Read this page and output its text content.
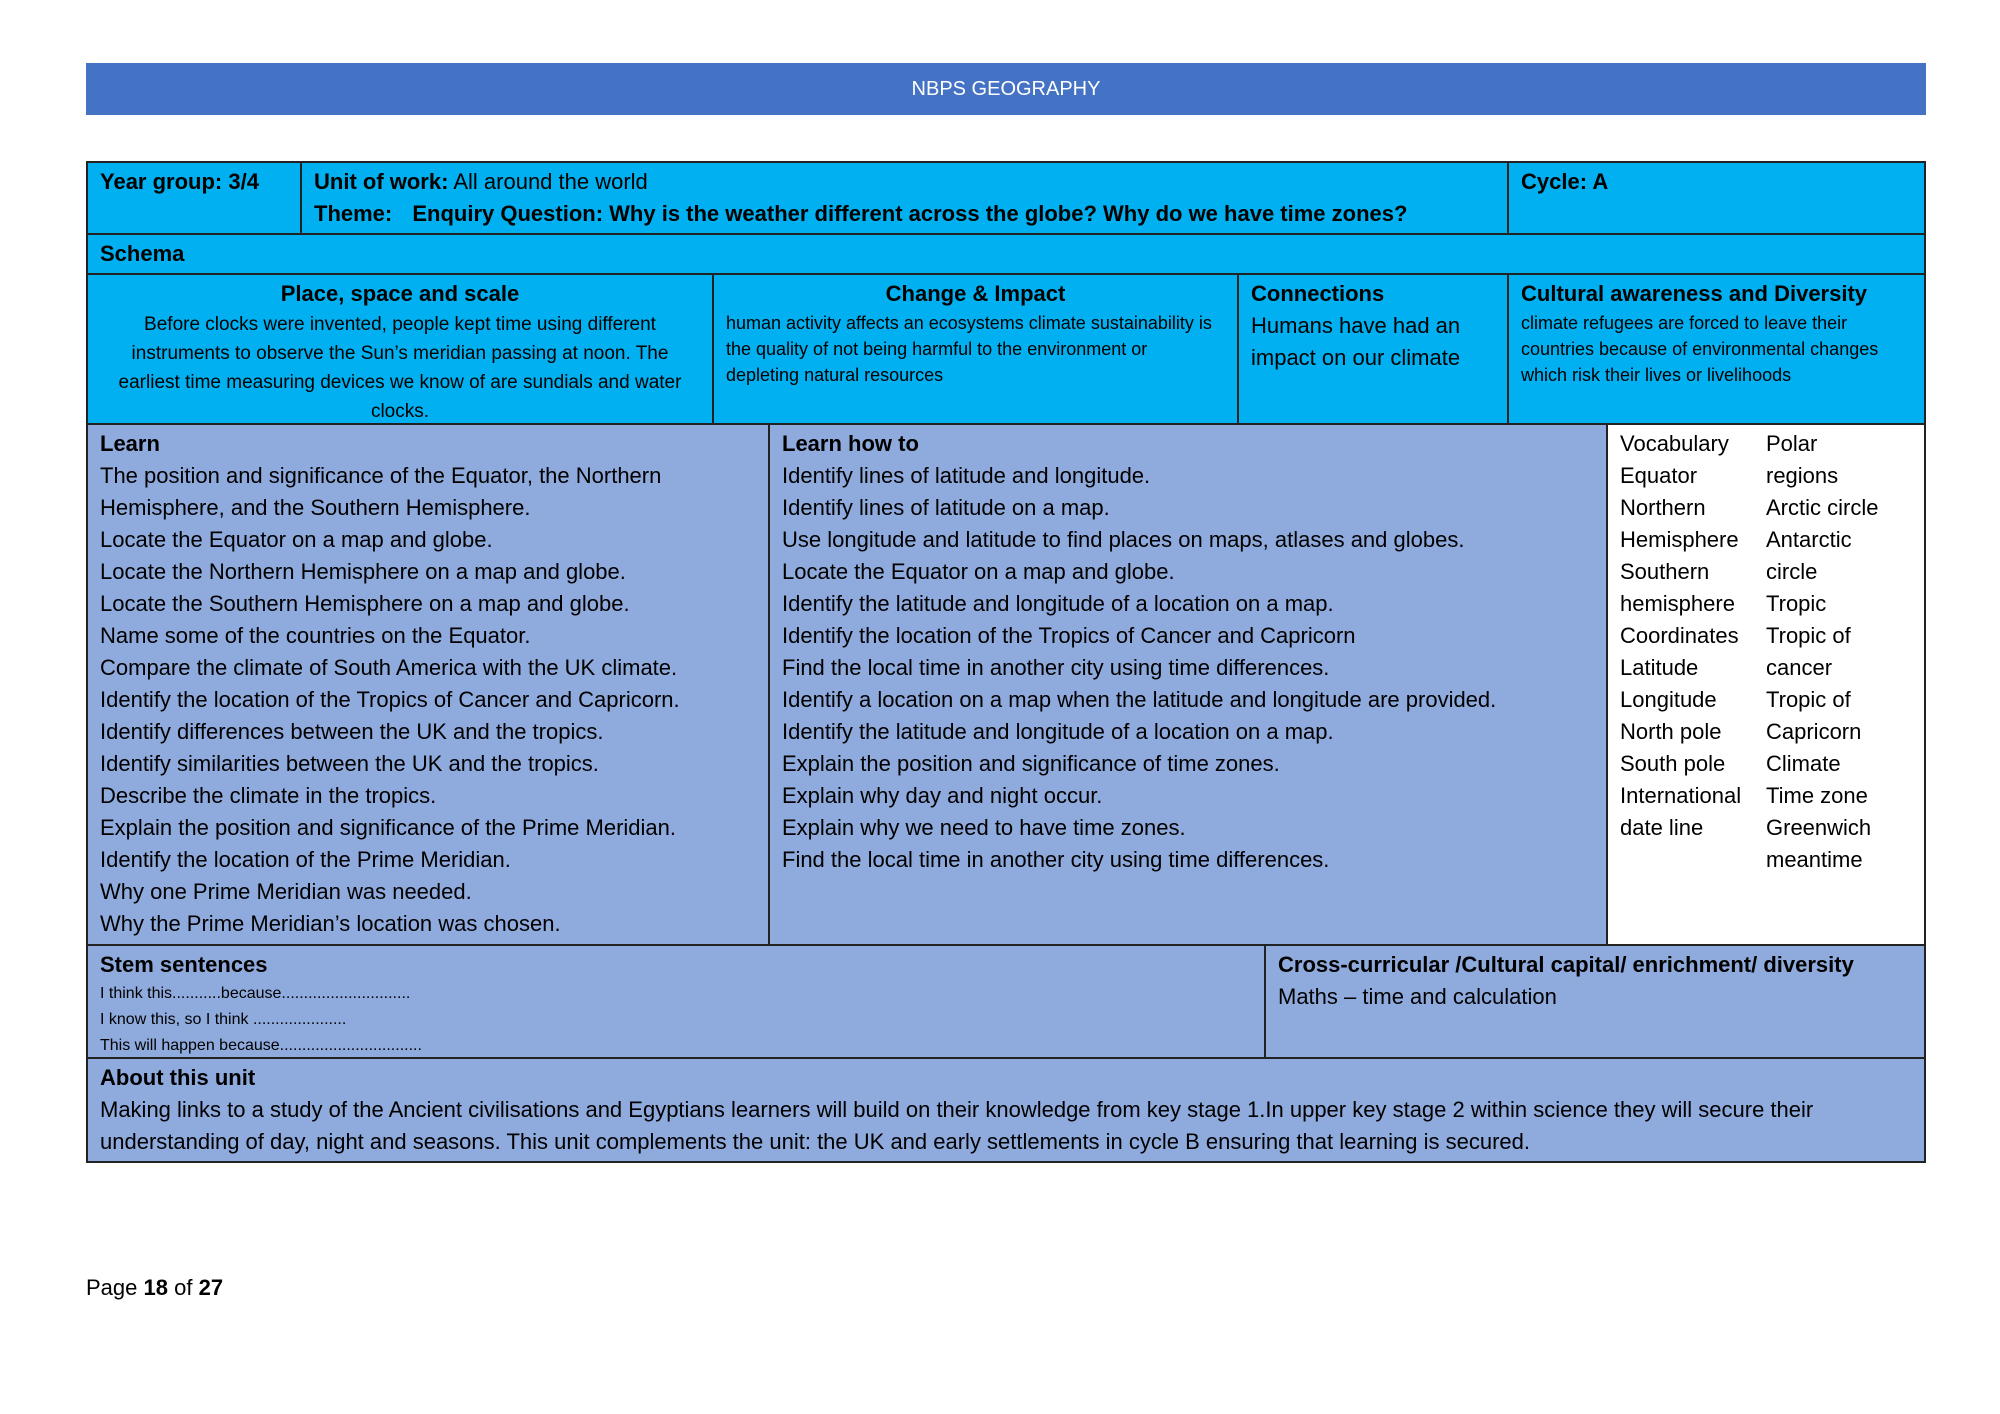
NBPS GEOGRAPHY
Year group: 3/4	Unit of work: All around the world
Theme: Enquiry Question: Why is the weather different across the globe? Why do we have time zones?
Cycle: A
Schema
Place, space and scale
Before clocks were invented, people kept time using different instruments to observe the Sun’s meridian passing at noon. The earliest time measuring devices we know of are sundials and water clocks.
Change & Impact
human activity affects an ecosystems climate sustainability is the quality of not being harmful to the environment or depleting natural resources
Connections
Humans have had an impact on our climate
Cultural awareness and Diversity
climate refugees are forced to leave their countries because of environmental changes which risk their lives or livelihoods
Learn
The position and significance of the Equator, the Northern Hemisphere, and the Southern Hemisphere.
Locate the Equator on a map and globe.
Locate the Northern Hemisphere on a map and globe.
Locate the Southern Hemisphere on a map and globe.
Name some of the countries on the Equator.
Compare the climate of South America with the UK climate.
Identify the location of the Tropics of Cancer and Capricorn.
Identify differences between the UK and the tropics.
Identify similarities between the UK and the tropics.
Describe the climate in the tropics.
Explain the position and significance of the Prime Meridian.
Identify the location of the Prime Meridian.
Why one Prime Meridian was needed.
Why the Prime Meridian’s location was chosen.
Learn how to
Identify lines of latitude and longitude.
Identify lines of latitude on a map.
Use longitude and latitude to find places on maps, atlases and globes.
Locate the Equator on a map and globe.
Identify the latitude and longitude of a location on a map.
Identify the location of the Tropics of Cancer and Capricorn
Find the local time in another city using time differences.
Identify a location on a map when the latitude and longitude are provided.
Identify the latitude and longitude of a location on a map.
Explain the position and significance of time zones.
Explain why day and night occur.
Explain why we need to have time zones.
Find the local time in another city using time differences.
Vocabulary
Equator
Northern
Hemisphere
Southern
hemisphere
Coordinates
Latitude
Longitude
North pole
South pole
International
date line
Polar
regions
Arctic circle
Antarctic
circle
Tropic
Tropic of
cancer
Tropic of
Capricorn
Climate
Time zone
Greenwich
meantime
Stem sentences
I think this...........because.............................
I know this, so I think .....................
This will happen because................................
Cross-curricular /Cultural capital/ enrichment/ diversity
Maths – time and calculation
About this unit
Making links to a study of the Ancient civilisations and Egyptians learners will build on their knowledge from key stage 1.In upper key stage 2 within science they will secure their understanding of day, night and seasons. This unit complements the unit: the UK and early settlements in cycle B ensuring that learning is secured.
Page 18 of 27
